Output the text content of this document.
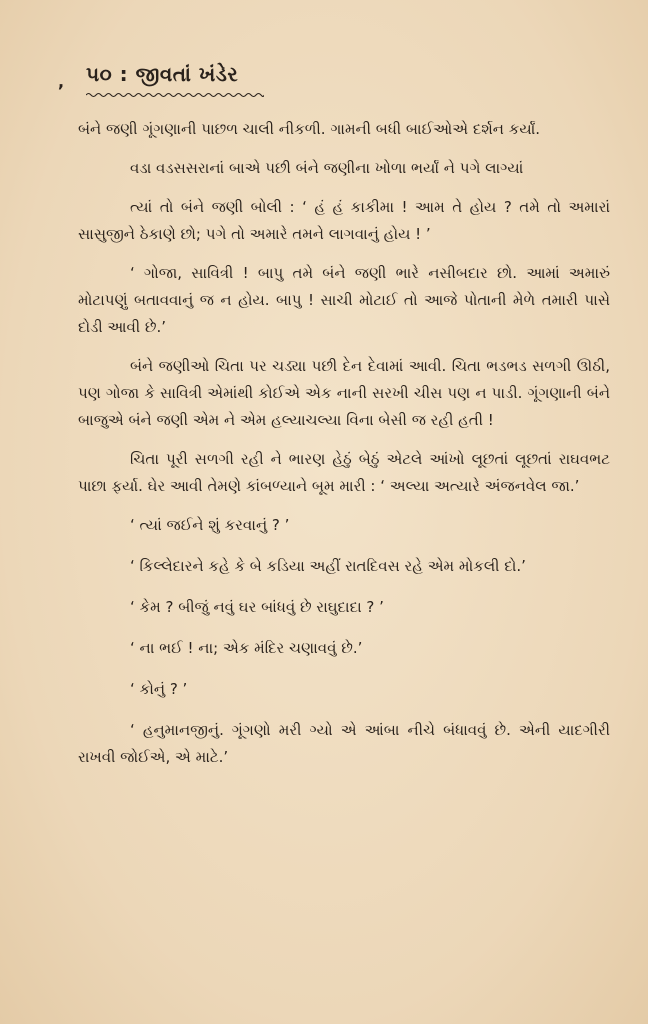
, ૫૦ : જીવતાં ખંડેર

બંને જણી ગૂંગણાની પાછળ ચાલી નીકળી. ગામની બધી બાઈઓએ દર્શન કર્યાં.

વડા વડસસરાનાં બાએ પછી બંને જણીના ખોળા ભર્યાં ને પગે લાગ્યાં

ત્યાં તો બંને જણી બોલી : ‘ હં હં કાકીમા ! આમ તે હોય ? તમે તો અમારાં સાસુજીને ઠેકાણે છો; પગે તો અમારે તમને લાગવાનું હોય ! ’

‘ ગોજા, સાવિત્રી ! બાપુ તમે બંને જણી ભારે નસીબદાર છો. આમાં અમારું મોટાપણું બતાવવાનું જ ન હોય. બાપુ ! સાચી મોટાઈ તો આજે પોતાની મેળે તમારી પાસે દોડી આવી છે.’

બંને જણીઓ ચિતા પર ચડ્યા પછી દેન દેવામાં આવી. ચિતા ભડભડ સળગી ઊઠી, પણ ગોજા કે સાવિત્રી એમાંથી કોઈએ એક નાની સરખી ચીસ પણ ન પાડી. ગૂંગણાની બંને બાજુએ બંને જણી એમ ને એમ હલ્યાચલ્યા વિના બેસી જ રહી હતી !

ચિતા પૂરી સળગી રહી ને ભારણ હેઠું બેઠું એટલે આંખો લૂછતાં લૂછતાં રાઘવભટ પાછા ફર્યા. ઘેર આવી તેમણે કાંબળ્યાને બૂમ મારી : ‘ અલ્યા અત્યારે અંજનવેલ જા.’

‘ ત્યાં જઈને શું કરવાનું ? ’

‘ કિલ્લેદારને કહે કે બે કડિયા અહીં રાતદિવસ રહે એમ મોકલી દો.’

‘ કેમ ? બીજું નવું ઘર બાંધવું છે રાઘુદાદા ? ’

‘ ના ભઈ ! ના; એક મંદિર ચણાવવું છે.’

‘ કોનું ? ’

‘ હનુમાનજીનું. ગૂંગણો મરી ગ્યો એ આંબા નીચે બંધાવવું છે. એની યાદગીરી રાખવી જોઈએ, એ માટે.’
